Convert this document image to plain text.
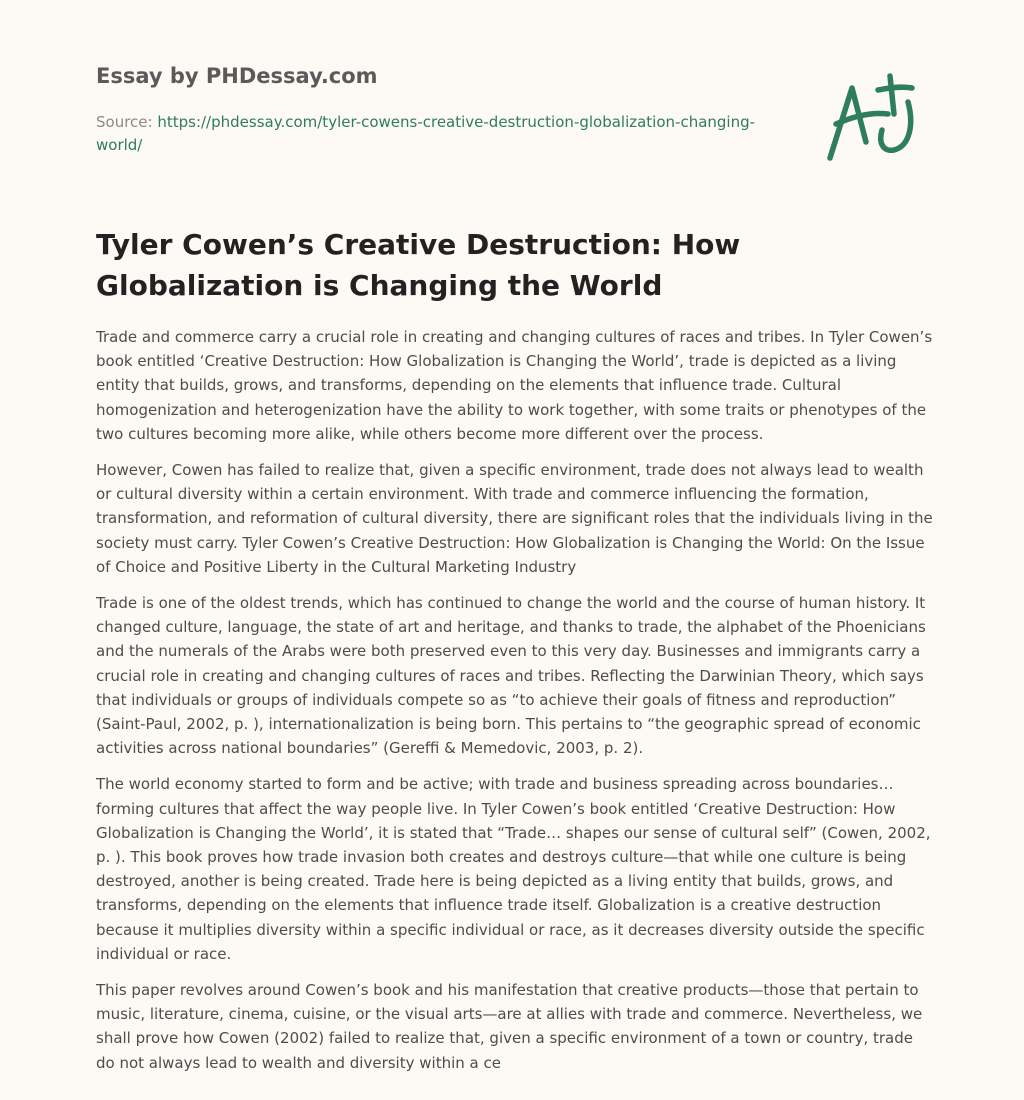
Essay by PHDessay.com
Source: https://phdessay.com/tyler-cowens-creative-destruction-globalization-changing-world/
Tyler Cowen’s Creative Destruction: How Globalization is Changing the World

Trade and commerce carry a crucial role in creating and changing cultures of races and tribes. In Tyler Cowen’s book entitled ‘Creative Destruction: How Globalization is Changing the World’, trade is depicted as a living entity that builds, grows, and transforms, depending on the elements that influence trade. Cultural homogenization and heterogenization have the ability to work together, with some traits or phenotypes of the two cultures becoming more alike, while others become more different over the process.

However, Cowen has failed to realize that, given a specific environment, trade does not always lead to wealth or cultural diversity within a certain environment. With trade and commerce influencing the formation, transformation, and reformation of cultural diversity, there are significant roles that the individuals living in the society must carry. Tyler Cowen’s Creative Destruction: How Globalization is Changing the World: On the Issue of Choice and Positive Liberty in the Cultural Marketing Industry

Trade is one of the oldest trends, which has continued to change the world and the course of human history. It changed culture, language, the state of art and heritage, and thanks to trade, the alphabet of the Phoenicians and the numerals of the Arabs were both preserved even to this very day. Businesses and immigrants carry a crucial role in creating and changing cultures of races and tribes. Reflecting the Darwinian Theory, which says that individuals or groups of individuals compete so as “to achieve their goals of fitness and reproduction” (Saint-Paul, 2002, p. ), internationalization is being born. This pertains to “the geographic spread of economic activities across national boundaries” (Gereffi & Memedovic, 2003, p. 2).

The world economy started to form and be active; with trade and business spreading across boundaries… forming cultures that affect the way people live. In Tyler Cowen’s book entitled ‘Creative Destruction: How Globalization is Changing the World’, it is stated that “Trade… shapes our sense of cultural self” (Cowen, 2002, p. ). This book proves how trade invasion both creates and destroys culture—that while one culture is being destroyed, another is being created. Trade here is being depicted as a living entity that builds, grows, and transforms, depending on the elements that influence trade itself. Globalization is a creative destruction because it multiplies diversity within a specific individual or race, as it decreases diversity outside the specific individual or race.

This paper revolves around Cowen’s book and his manifestation that creative products—those that pertain to music, literature, cinema, cuisine, or the visual arts—are at allies with trade and commerce. Nevertheless, we shall prove how Cowen (2002) failed to realize that, given a specific environment of a town or country, trade do not always lead to wealth and diversity within a ce
